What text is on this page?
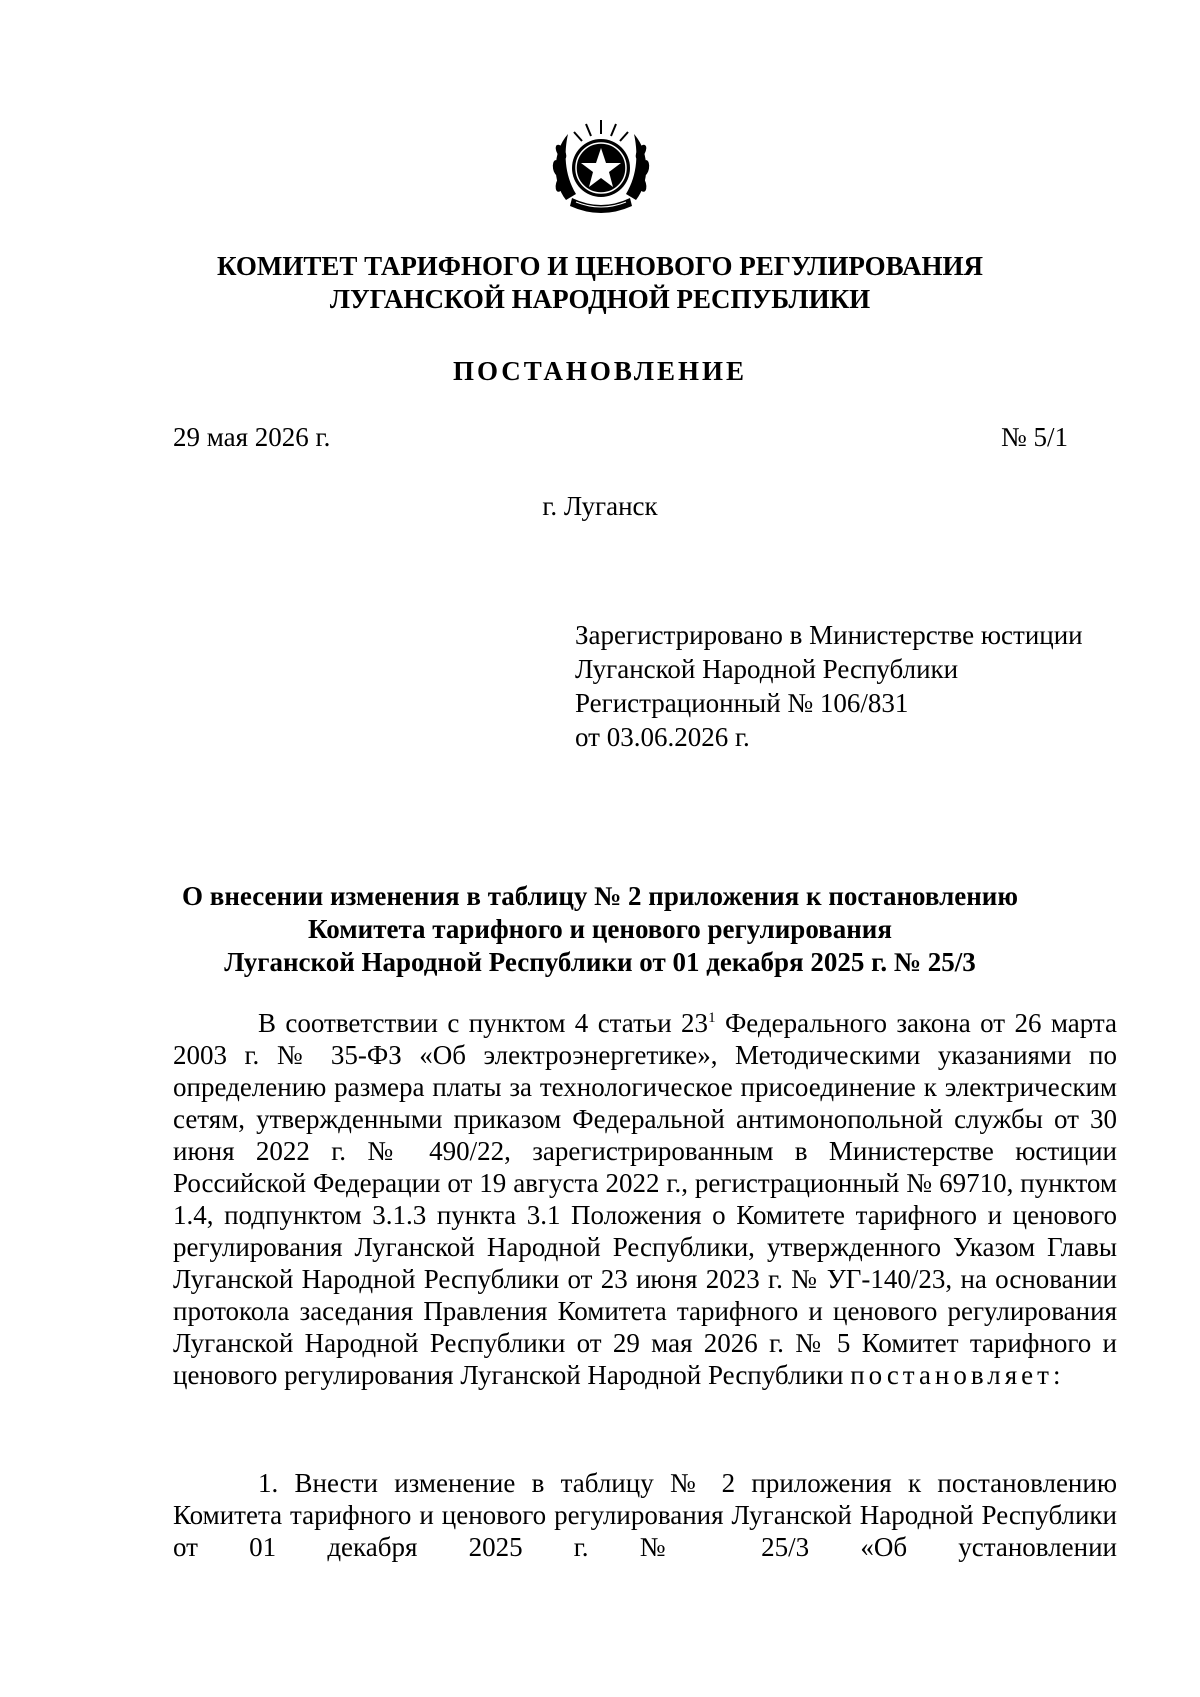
КОМИТЕТ ТАРИФНОГО И ЦЕНОВОГО РЕГУЛИРОВАНИЯ
ЛУГАНСКОЙ НАРОДНОЙ РЕСПУБЛИКИ
ПОСТАНОВЛЕНИЕ
29 мая 2026 г.	№ 5/1
г. Луганск
Зарегистрировано в Министерстве юстиции
Луганской Народной Республики
Регистрационный № 106/831
от 03.06.2026 г.
О внесении изменения в таблицу № 2 приложения к постановлению
Комитета тарифного и ценового регулирования
Луганской Народной Республики от 01 декабря 2025 г. № 25/3
В соответствии с пунктом 4 статьи $23^1$ Федерального закона от 26 марта 2003 г. № 35-ФЗ «Об электроэнергетике», Методическими указаниями по определению размера платы за технологическое присоединение к электрическим сетям, утвержденными приказом Федеральной антимонопольной службы от 30 июня 2022 г. № 490/22, зарегистрированным в Министерстве юстиции Российской Федерации от 19 августа 2022 г., регистрационный № 69710, пунктом 1.4, подпунктом 3.1.3 пункта 3.1 Положения о Комитете тарифного и ценового регулирования Луганской Народной Республики, утвержденного Указом Главы Луганской Народной Республики от 23 июня 2023 г. № УГ-140/23, на основании протокола заседания Правления Комитета тарифного и ценового регулирования Луганской Народной Республики от 29 мая 2026 г. № 5 Комитет тарифного и ценового регулирования Луганской Народной Республики постановляет:
1. Внести изменение в таблицу № 2 приложения к постановлению Комитета тарифного и ценового регулирования Луганской Народной Республики от 01 декабря 2025 г. № 25/3 «Об установлении
